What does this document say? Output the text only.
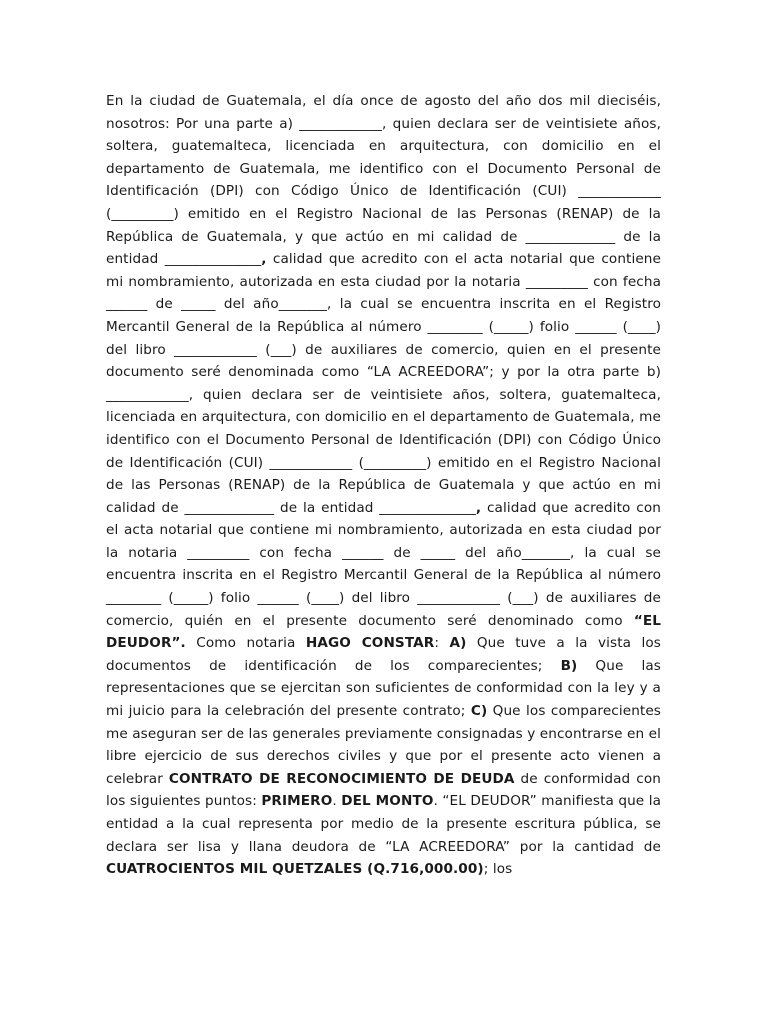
En la ciudad de Guatemala, el día once de agosto del año dos mil dieciséis, nosotros: Por una parte a) ____________, quien declara ser de veintisiete años, soltera, guatemalteca, licenciada en arquitectura, con domicilio en el departamento de Guatemala, me identifico con el Documento Personal de Identificación (DPI) con Código Único de Identificación (CUI) ____________ (_________) emitido en el Registro Nacional de las Personas (RENAP) de la República de Guatemala, y que actúo en mi calidad de _____________ de la entidad ______________, calidad que acredito con el acta notarial que contiene mi nombramiento, autorizada en esta ciudad por la notaria _________ con fecha ______ de _____ del año_______, la cual se encuentra inscrita en el Registro Mercantil General de la República al número ________ (_____) folio ______ (____) del libro ____________ (___) de auxiliares de comercio, quien en el presente documento seré denominada como “LA ACREEDORA”; y por la otra parte b) ____________, quien declara ser de veintisiete años, soltera, guatemalteca, licenciada en arquitectura, con domicilio en el departamento de Guatemala, me identifico con el Documento Personal de Identificación (DPI) con Código Único de Identificación (CUI) ____________ (_________) emitido en el Registro Nacional de las Personas (RENAP) de la República de Guatemala y que actúo en mi calidad de _____________ de la entidad ______________, calidad que acredito con el acta notarial que contiene mi nombramiento, autorizada en esta ciudad por la notaria _________ con fecha ______ de _____ del año_______, la cual se encuentra inscrita en el Registro Mercantil General de la República al número ________ (_____) folio ______ (____) del libro ____________ (___) de auxiliares de comercio, quién en el presente documento seré denominado como “EL DEUDOR”. Como notaria HAGO CONSTAR: A) Que tuve a la vista los documentos de identificación de los comparecientes; B) Que las representaciones que se ejercitan son suficientes de conformidad con la ley y a mi juicio para la celebración del presente contrato; C) Que los comparecientes me aseguran ser de las generales previamente consignadas y encontrarse en el libre ejercicio de sus derechos civiles y que por el presente acto vienen a celebrar CONTRATO DE RECONOCIMIENTO DE DEUDA de conformidad con los siguientes puntos: PRIMERO. DEL MONTO. “EL DEUDOR” manifiesta que la entidad a la cual representa por medio de la presente escritura pública, se declara ser lisa y llana deudora de “LA ACREEDORA” por la cantidad de CUATROCIENTOS MIL QUETZALES (Q.716,000.00); los
